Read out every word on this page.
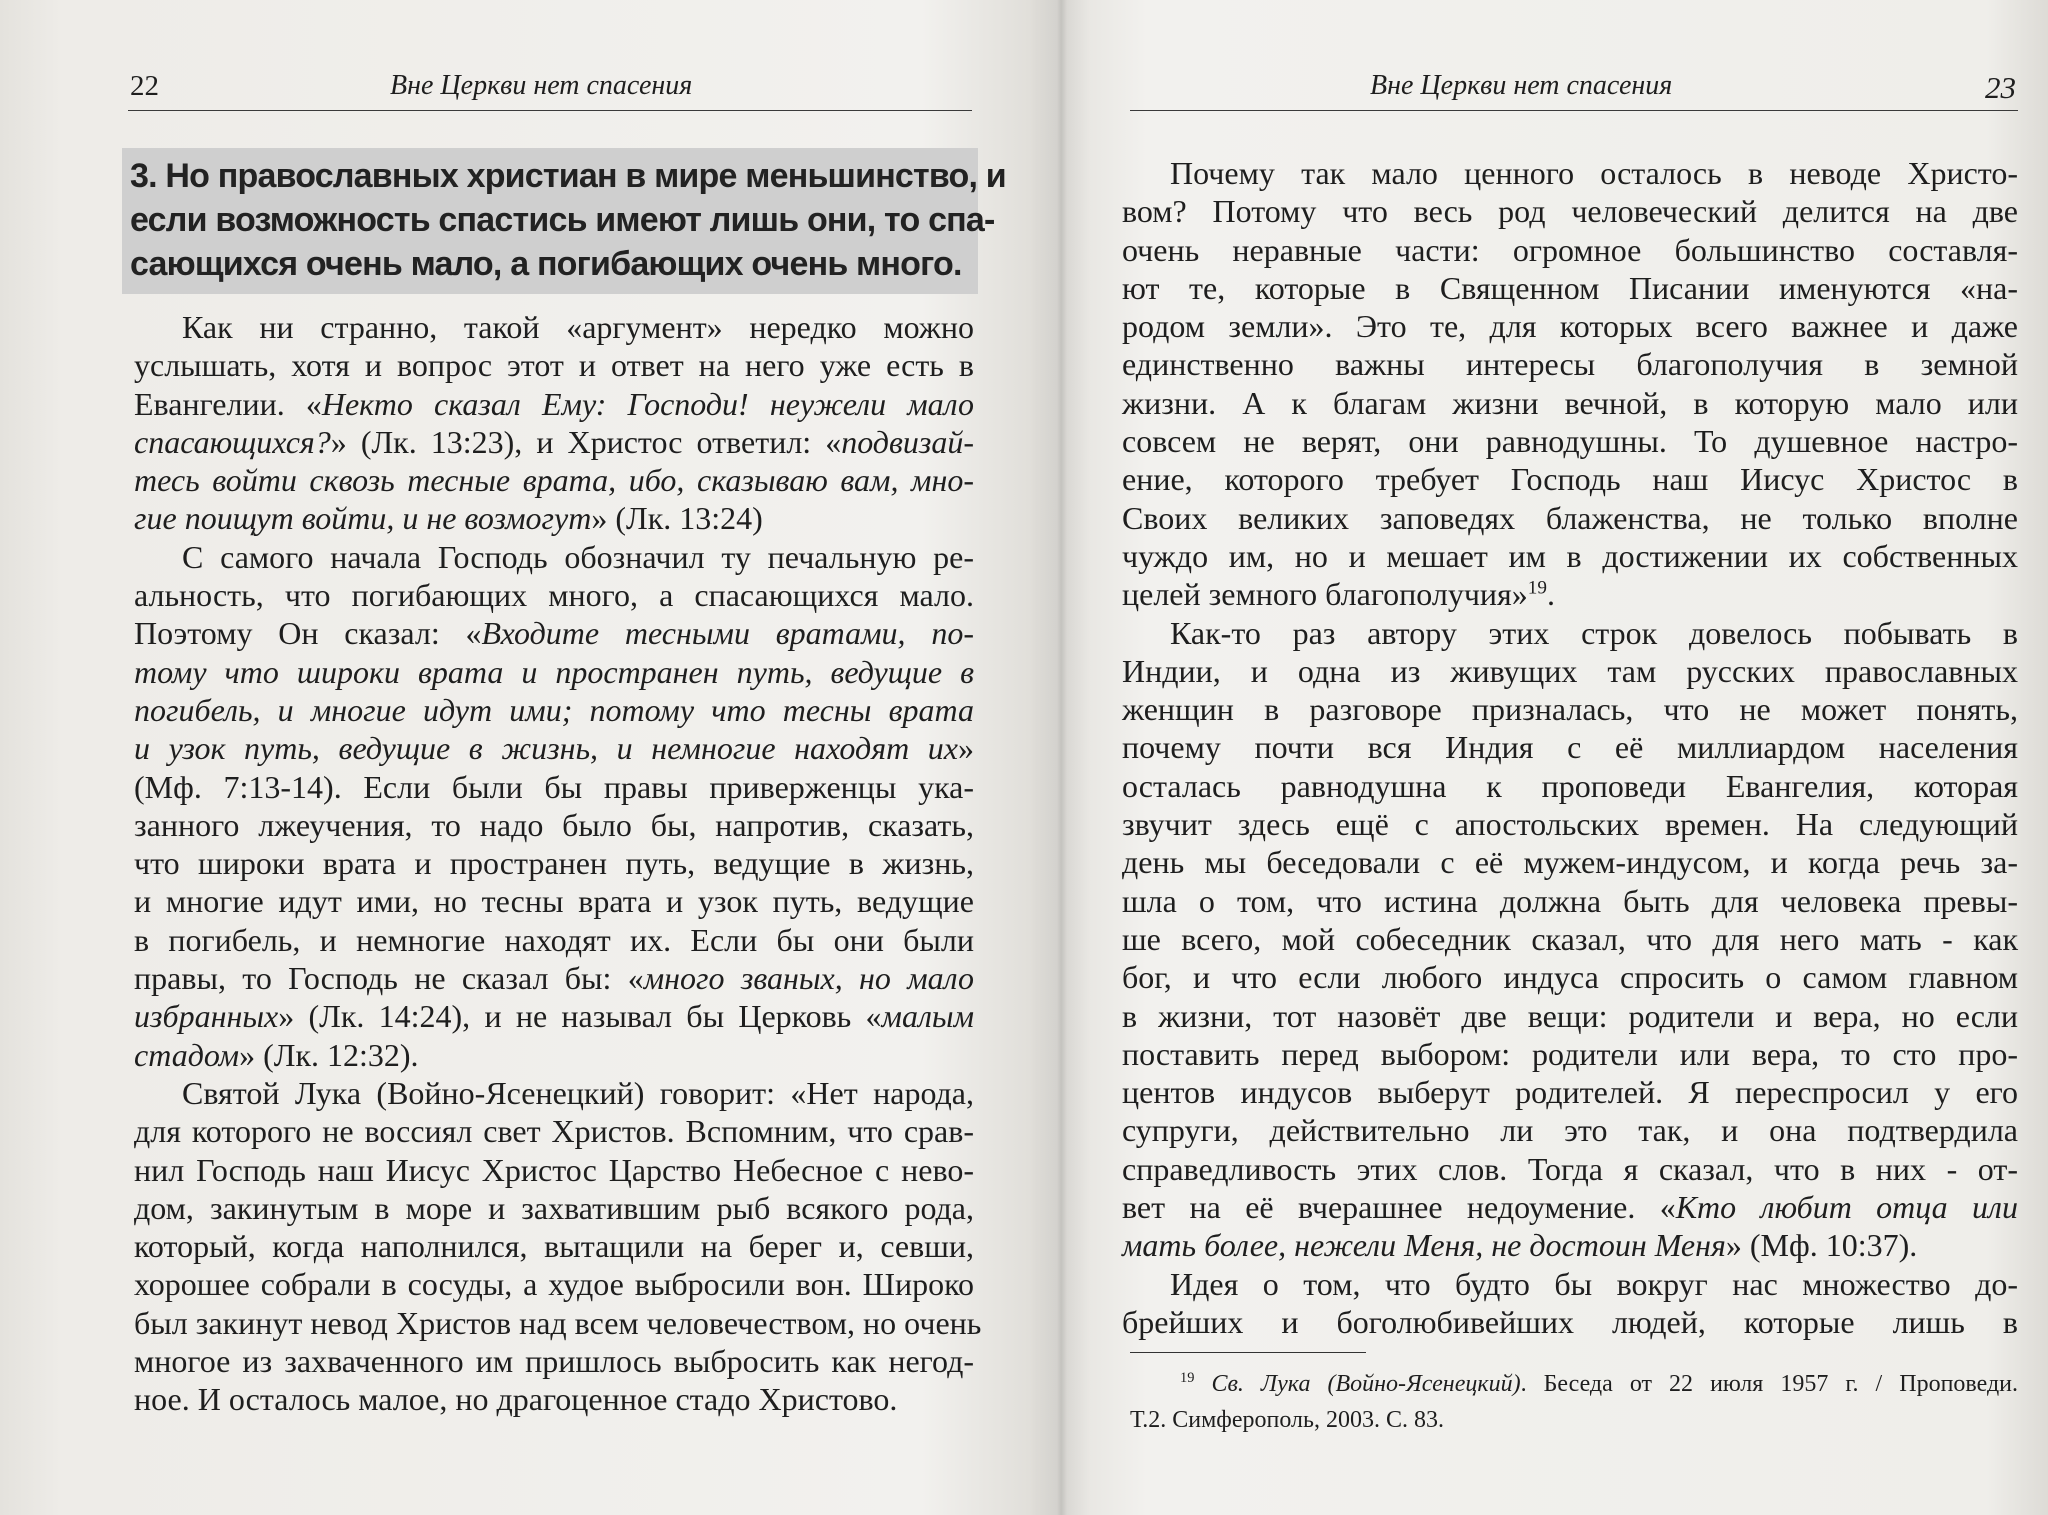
22	Вне Церкви нет спасения
3. Но православных христиан в мире меньшинство, и
если возможность спастись имеют лишь они, то спа-
сающихся очень мало, а погибающих очень много.
Как ни странно, такой «аргумент» нередко можно
услышать, хотя и вопрос этот и ответ на него уже есть в
Евангелии. «Некто сказал Ему: Господи! неужели мало
спасающихся?» (Лк. 13:23), и Христос ответил: «подвизай-
тесь войти сквозь тесные врата, ибо, сказываю вам, мно-
гие поищут войти, и не возмогут» (Лк. 13:24)
С самого начала Господь обозначил ту печальную ре-
альность, что погибающих много, а спасающихся мало.
Поэтому Он сказал: «Входите тесными вратами, по-
тому что широки врата и пространен путь, ведущие в
погибель, и многие идут ими; потому что тесны врата
и узок путь, ведущие в жизнь, и немногие находят их»
(Мф. 7:13-14). Если были бы правы приверженцы ука-
занного лжеучения, то надо было бы, напротив, сказать,
что широки врата и пространен путь, ведущие в жизнь,
и многие идут ими, но тесны врата и узок путь, ведущие
в погибель, и немногие находят их. Если бы они были
правы, то Господь не сказал бы: «много званых, но мало
избранных» (Лк. 14:24), и не называл бы Церковь «малым
стадом» (Лк. 12:32).
Святой Лука (Войно-Ясенецкий) говорит: «Нет народа,
для которого не воссиял свет Христов. Вспомним, что срав-
нил Господь наш Иисус Христос Царство Небесное с нево-
дом, закинутым в море и захватившим рыб всякого рода,
который, когда наполнился, вытащили на берег и, севши,
хорошее собрали в сосуды, а худое выбросили вон. Широко
был закинут невод Христов над всем человечеством, но очень
многое из захваченного им пришлось выбросить как негод-
ное. И осталось малое, но драгоценное стадо Христово.
Вне Церкви нет спасения	23
Почему так мало ценного осталось в неводе Христо-
вом? Потому что весь род человеческий делится на две
очень неравные части: огромное большинство составля-
ют те, которые в Священном Писании именуются «на-
родом земли». Это те, для которых всего важнее и даже
единственно важны интересы благополучия в земной
жизни. А к благам жизни вечной, в которую мало или
совсем не верят, они равнодушны. То душевное настро-
ение, которого требует Господь наш Иисус Христос в
Своих великих заповедях блаженства, не только вполне
чуждо им, но и мешает им в достижении их собственных
целей земного благополучия»$^{19}$.
Как-то раз автору этих строк довелось побывать в
Индии, и одна из живущих там русских православных
женщин в разговоре призналась, что не может понять,
почему почти вся Индия с её миллиардом населения
осталась равнодушна к проповеди Евангелия, которая
звучит здесь ещё с апостольских времен. На следующий
день мы беседовали с её мужем-индусом, и когда речь за-
шла о том, что истина должна быть для человека превы-
ше всего, мой собеседник сказал, что для него мать - как
бог, и что если любого индуса спросить о самом главном
в жизни, тот назовёт две вещи: родители и вера, но если
поставить перед выбором: родители или вера, то сто про-
центов индусов выберут родителей. Я переспросил у его
супруги, действительно ли это так, и она подтвердила
справедливость этих слов. Тогда я сказал, что в них - от-
вет на её вчерашнее недоумение. «Кто любит отца или
мать более, нежели Меня, не достоин Меня» (Мф. 10:37).
Идея о том, что будто бы вокруг нас множество до-
брейших и боголюбивейших людей, которые лишь в
$^{19}$ Св. Лука (Войно-Ясенецкий). Беседа от 22 июля 1957 г. / Проповеди.
Т.2. Симферополь, 2003. С. 83.
